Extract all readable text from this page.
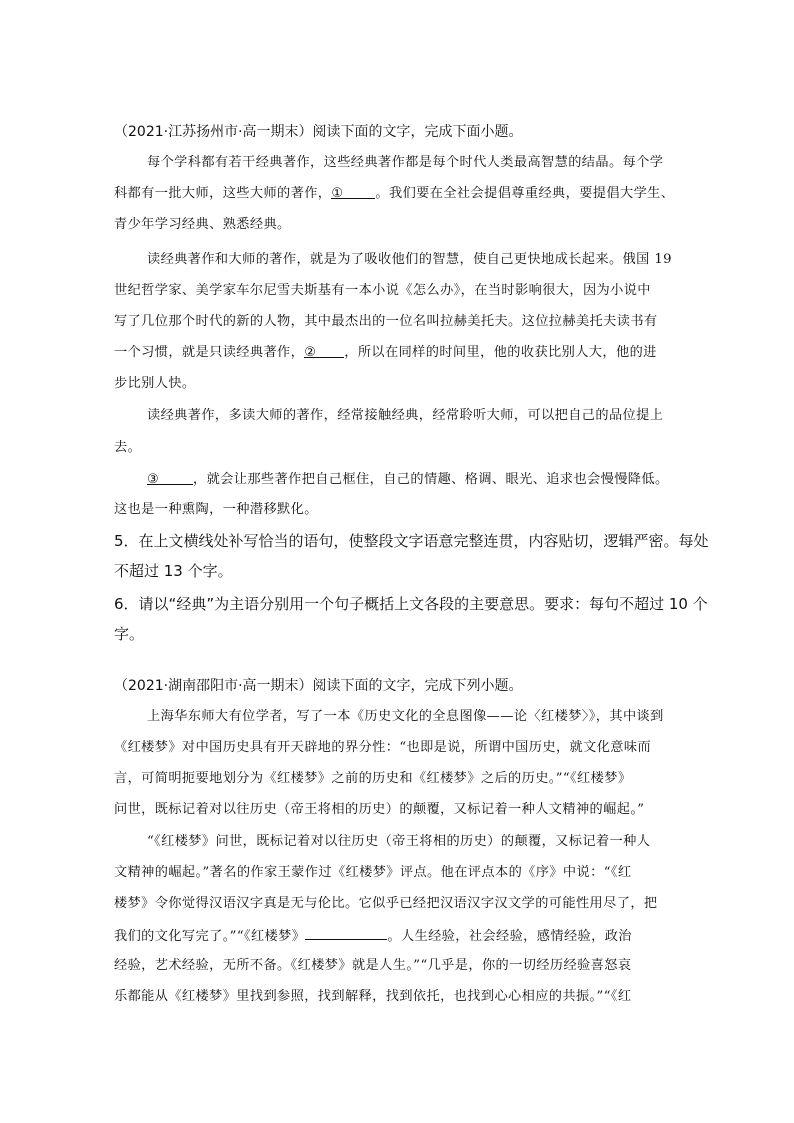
（2021·江苏扬州市·高一期末）阅读下面的文字，完成下面小题。
每个学科都有若干经典著作，这些经典著作都是每个时代人类最高智慧的结晶。每个学
科都有一批大师，这些大师的著作，① 。我们要在全社会提倡尊重经典，要提倡大学生、
青少年学习经典、熟悉经典。
读经典著作和大师的著作，就是为了吸收他们的智慧，使自己更快地成长起来。俄国 19
世纪哲学家、美学家车尔尼雪夫斯基有一本小说《怎么办》，在当时影响很大，因为小说中
写了几位那个时代的新的人物，其中最杰出的一位名叫拉赫美托夫。这位拉赫美托夫读书有
一个习惯，就是只读经典著作，② ，所以在同样的时间里，他的收获比别人大，他的进
步比别人快。
读经典著作，多读大师的著作，经常接触经典，经常聆听大师，可以把自己的品位提上
去。
③	，就会让那些著作把自己框住，自己的情趣、格调、眼光、追求也会慢慢降低。
这也是一种熏陶，一种潜移默化。
5．在上文横线处补写恰当的语句，使整段文字语意完整连贯，内容贴切，逻辑严密。每处
不超过 13 个字。
6．请以“经典”为主语分别用一个句子概括上文各段的主要意思。要求：每句不超过 10 个
字。
（2021·湖南邵阳市·高一期末）阅读下面的文字，完成下列小题。
上海华东师大有位学者，写了一本《历史文化的全息图像——论〈红楼梦〉》，其中谈到
《红楼梦》对中国历史具有开天辟地的界分性：“也即是说，所谓中国历史，就文化意味而
言，可简明扼要地划分为《红楼梦》之前的历史和《红楼梦》之后的历史。”“《红楼梦》
问世，既标记着对以往历史（帝王将相的历史）的颠覆，又标记着一种人文精神的崛起。”
“《红楼梦》问世，既标记着对以往历史（帝王将相的历史）的颠覆，又标记着一种人
文精神的崛起。”著名的作家王蒙作过《红楼梦》评点。他在评点本的《序》中说：“《红
楼梦》令你觉得汉语汉字真是无与伦比。它似乎已经把汉语汉字汉文学的可能性用尽了，把
我们的文化写完了。”“《红楼梦》	。人生经验，社会经验，感情经验，政治
经验，艺术经验，无所不备。《红楼梦》就是人生。”“几乎是，你的一切经历经验喜怒哀
乐都能从《红楼梦》里找到参照，找到解释，找到依托，也找到心心相应的共振。”“《红
